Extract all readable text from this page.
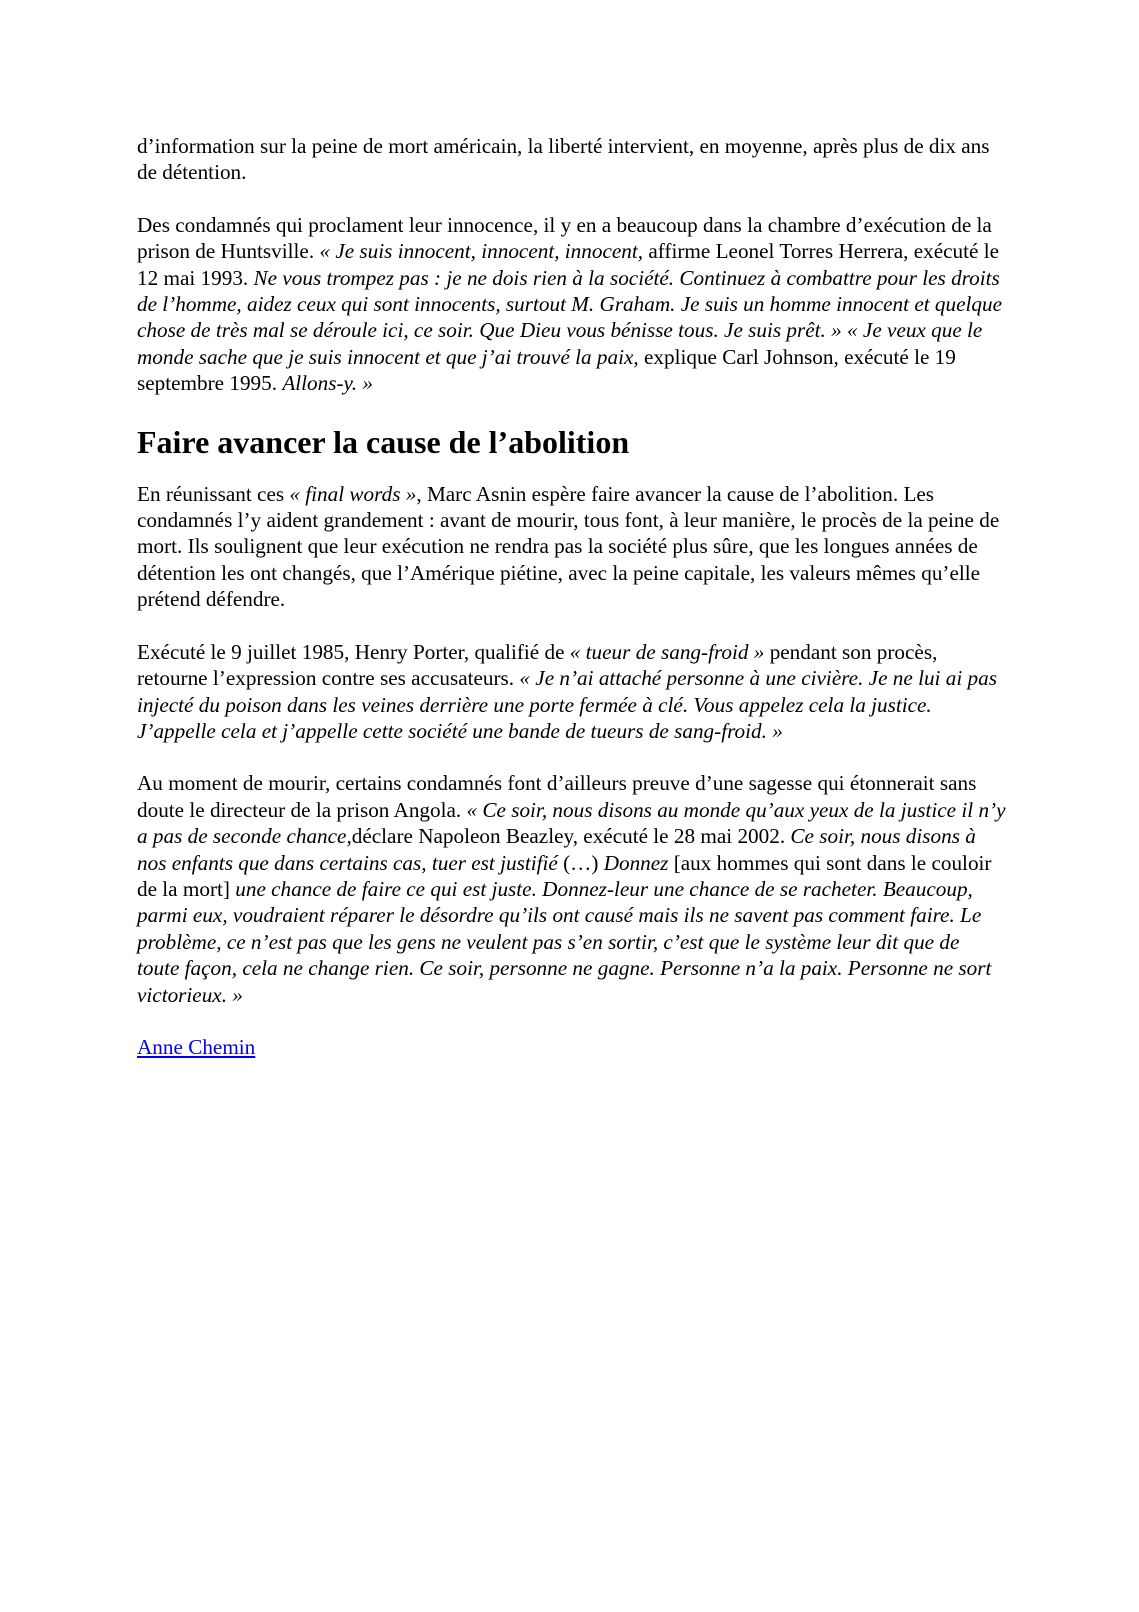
d’information sur la peine de mort américain, la liberté intervient, en moyenne, après plus de dix ans de détention.

Des condamnés qui proclament leur innocence, il y en a beaucoup dans la chambre d’exécution de la prison de Huntsville. « Je suis innocent, innocent, innocent, affirme Leonel Torres Herrera, exécuté le 12 mai 1993. Ne vous trompez pas : je ne dois rien à la société. Continuez à combattre pour les droits de l’homme, aidez ceux qui sont innocents, surtout M. Graham. Je suis un homme innocent et quelque chose de très mal se déroule ici, ce soir. Que Dieu vous bénisse tous. Je suis prêt. » « Je veux que le monde sache que je suis innocent et que j’ai trouvé la paix, explique Carl Johnson, exécuté le 19 septembre 1995. Allons-y. »

Faire avancer la cause de l’abolition

En réunissant ces « final words », Marc Asnin espère faire avancer la cause de l’abolition. Les condamnés l’y aident grandement : avant de mourir, tous font, à leur manière, le procès de la peine de mort. Ils soulignent que leur exécution ne rendra pas la société plus sûre, que les longues années de détention les ont changés, que l’Amérique piétine, avec la peine capitale, les valeurs mêmes qu’elle prétend défendre.

Exécuté le 9 juillet 1985, Henry Porter, qualifié de « tueur de sang-froid » pendant son procès, retourne l’expression contre ses accusateurs. « Je n’ai attaché personne à une civière. Je ne lui ai pas injecté du poison dans les veines derrière une porte fermée à clé. Vous appelez cela la justice. J’appelle cela et j’appelle cette société une bande de tueurs de sang-froid. »

Au moment de mourir, certains condamnés font d’ailleurs preuve d’une sagesse qui étonnerait sans doute le directeur de la prison Angola. « Ce soir, nous disons au monde qu’aux yeux de la justice il n’y a pas de seconde chance,déclare Napoleon Beazley, exécuté le 28 mai 2002. Ce soir, nous disons à nos enfants que dans certains cas, tuer est justifié (…) Donnez [aux hommes qui sont dans le couloir de la mort] une chance de faire ce qui est juste. Donnez-leur une chance de se racheter. Beaucoup, parmi eux, voudraient réparer le désordre qu’ils ont causé mais ils ne savent pas comment faire. Le problème, ce n’est pas que les gens ne veulent pas s’en sortir, c’est que le système leur dit que de toute façon, cela ne change rien. Ce soir, personne ne gagne. Personne n’a la paix. Personne ne sort victorieux. »

Anne Chemin
